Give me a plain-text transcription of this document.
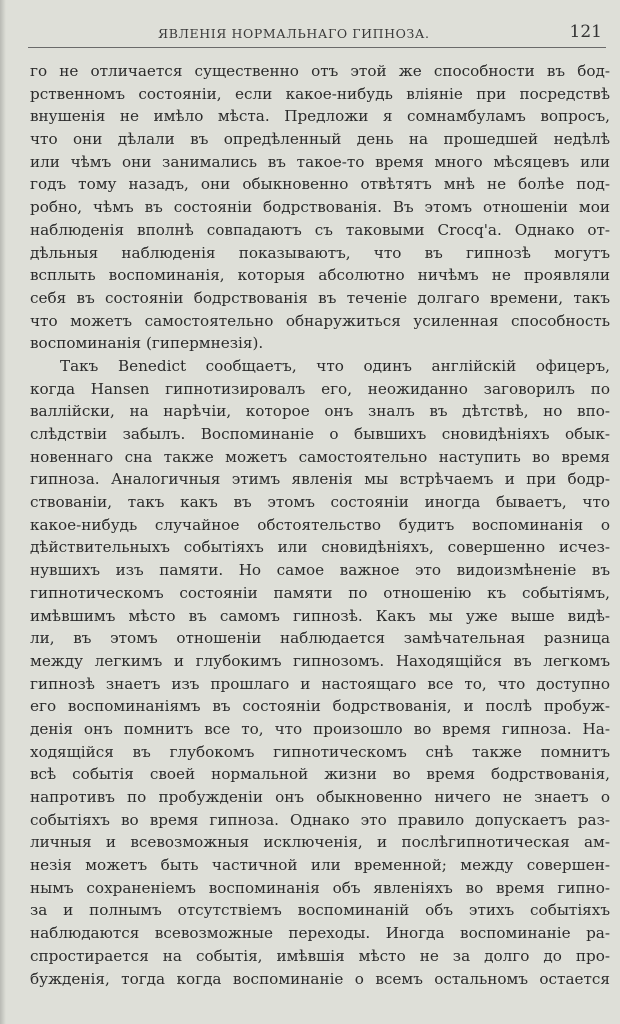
ЯВЛЕНІЯ НОРМАЛЬНАГО ГИПНОЗА.	121
го не отличается существенно отъ этой же способности въ бод-
рственномъ состояніи, если какое-нибудь вліяніе при посредствѣ
внушенія не имѣло мѣста. Предложи я сомнамбуламъ вопросъ,
что они дѣлали въ опредѣленный день на прошедшей недѣлѣ
или чѣмъ они занимались въ такое-то время много мѣсяцевъ или
годъ тому назадъ, они обыкновенно отвѣтятъ мнѣ не болѣе под-
робно, чѣмъ въ состояніи бодрствованія. Въ этомъ отношеніи мои
наблюденія вполнѣ совпадаютъ съ таковыми Crocq'a. Однако от-
дѣльныя наблюденія показываютъ, что въ гипнозѣ могутъ
всплыть воспоминанія, которыя абсолютно ничѣмъ не проявляли
себя въ состояніи бодрствованія въ теченіе долгаго времени, такъ
что можетъ самостоятельно обнаружиться усиленная способность
воспоминанія (гипермнезія).
Такъ Benedict сообщаетъ, что одинъ англійскій офицеръ,
когда Hansen гипнотизировалъ его, неожиданно заговорилъ по
валлійски, на нарѣчіи, которое онъ зналъ въ дѣтствѣ, но впо-
слѣдствіи забылъ. Воспоминаніе о бывшихъ сновидѣніяхъ обык-
новеннаго сна также можетъ самостоятельно наступить во время
гипноза. Аналогичныя этимъ явленія мы встрѣчаемъ и при бодр-
ствованіи, такъ какъ въ этомъ состояніи иногда бываетъ, что
какое-нибудь случайное обстоятельство будитъ воспоминанія о
дѣйствительныхъ событіяхъ или сновидѣніяхъ, совершенно исчез-
нувшихъ изъ памяти. Но самое важное это видоизмѣненіе въ
гипнотическомъ состояніи памяти по отношенію къ событіямъ,
имѣвшимъ мѣсто въ самомъ гипнозѣ. Какъ мы уже выше видѣ-
ли, въ этомъ отношеніи наблюдается замѣчательная разница
между легкимъ и глубокимъ гипнозомъ. Находящійся въ легкомъ
гипнозѣ знаетъ изъ прошлаго и настоящаго все то, что доступно
его воспоминаніямъ въ состояніи бодрствованія, и послѣ пробуж-
денія онъ помнитъ все то, что произошло во время гипноза. На-
ходящійся въ глубокомъ гипнотическомъ снѣ также помнитъ
всѣ событія своей нормальной жизни во время бодрствованія,
напротивъ по пробужденіи онъ обыкновенно ничего не знаетъ о
событіяхъ во время гипноза. Однако это правило допускаетъ раз-
личныя и всевозможныя исключенія, и послѣгипнотическая ам-
незія можетъ быть частичной или временной; между совершен-
нымъ сохраненіемъ воспоминанія объ явленіяхъ во время гипно-
за и полнымъ отсутствіемъ воспоминаній объ этихъ событіяхъ
наблюдаются всевозможные переходы. Иногда воспоминаніе ра-
спростирается на событія, имѣвшія мѣсто не за долго до про-
бужденія, тогда когда воспоминаніе о всемъ остальномъ остается
